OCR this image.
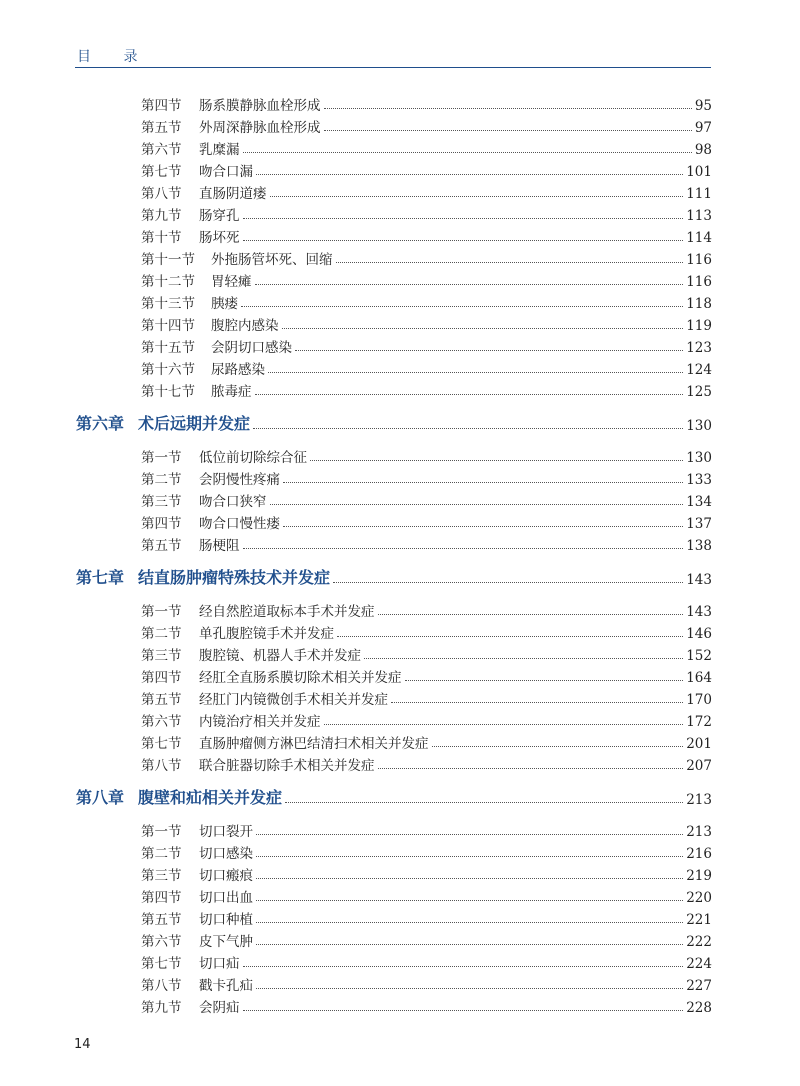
目 录
第四节	肠系膜静脉血栓形成	95
第五节	外周深静脉血栓形成	97
第六节	乳糜漏	98
第七节	吻合口漏	101
第八节	直肠阴道瘘	111
第九节	肠穿孔	113
第十节	肠坏死	114
第十一节	外拖肠管坏死、回缩	116
第十二节	胃轻瘫	116
第十三节	胰瘘	118
第十四节	腹腔内感染	119
第十五节	会阴切口感染	123
第十六节	尿路感染	124
第十七节	脓毒症	125
第六章 术后远期并发症	130
第一节	低位前切除综合征	130
第二节	会阴慢性疼痛	133
第三节	吻合口狭窄	134
第四节	吻合口慢性瘘	137
第五节	肠梗阻	138
第七章 结直肠肿瘤特殊技术并发症	143
第一节	经自然腔道取标本手术并发症	143
第二节	单孔腹腔镜手术并发症	146
第三节	腹腔镜、机器人手术并发症	152
第四节	经肛全直肠系膜切除术相关并发症	164
第五节	经肛门内镜微创手术相关并发症	170
第六节	内镜治疗相关并发症	172
第七节	直肠肿瘤侧方淋巴结清扫术相关并发症	201
第八节	联合脏器切除手术相关并发症	207
第八章 腹壁和疝相关并发症	213
第一节	切口裂开	213
第二节	切口感染	216
第三节	切口瘢痕	219
第四节	切口出血	220
第五节	切口种植	221
第六节	皮下气肿	222
第七节	切口疝	224
第八节	戳卡孔疝	227
第九节	会阴疝	228
14
